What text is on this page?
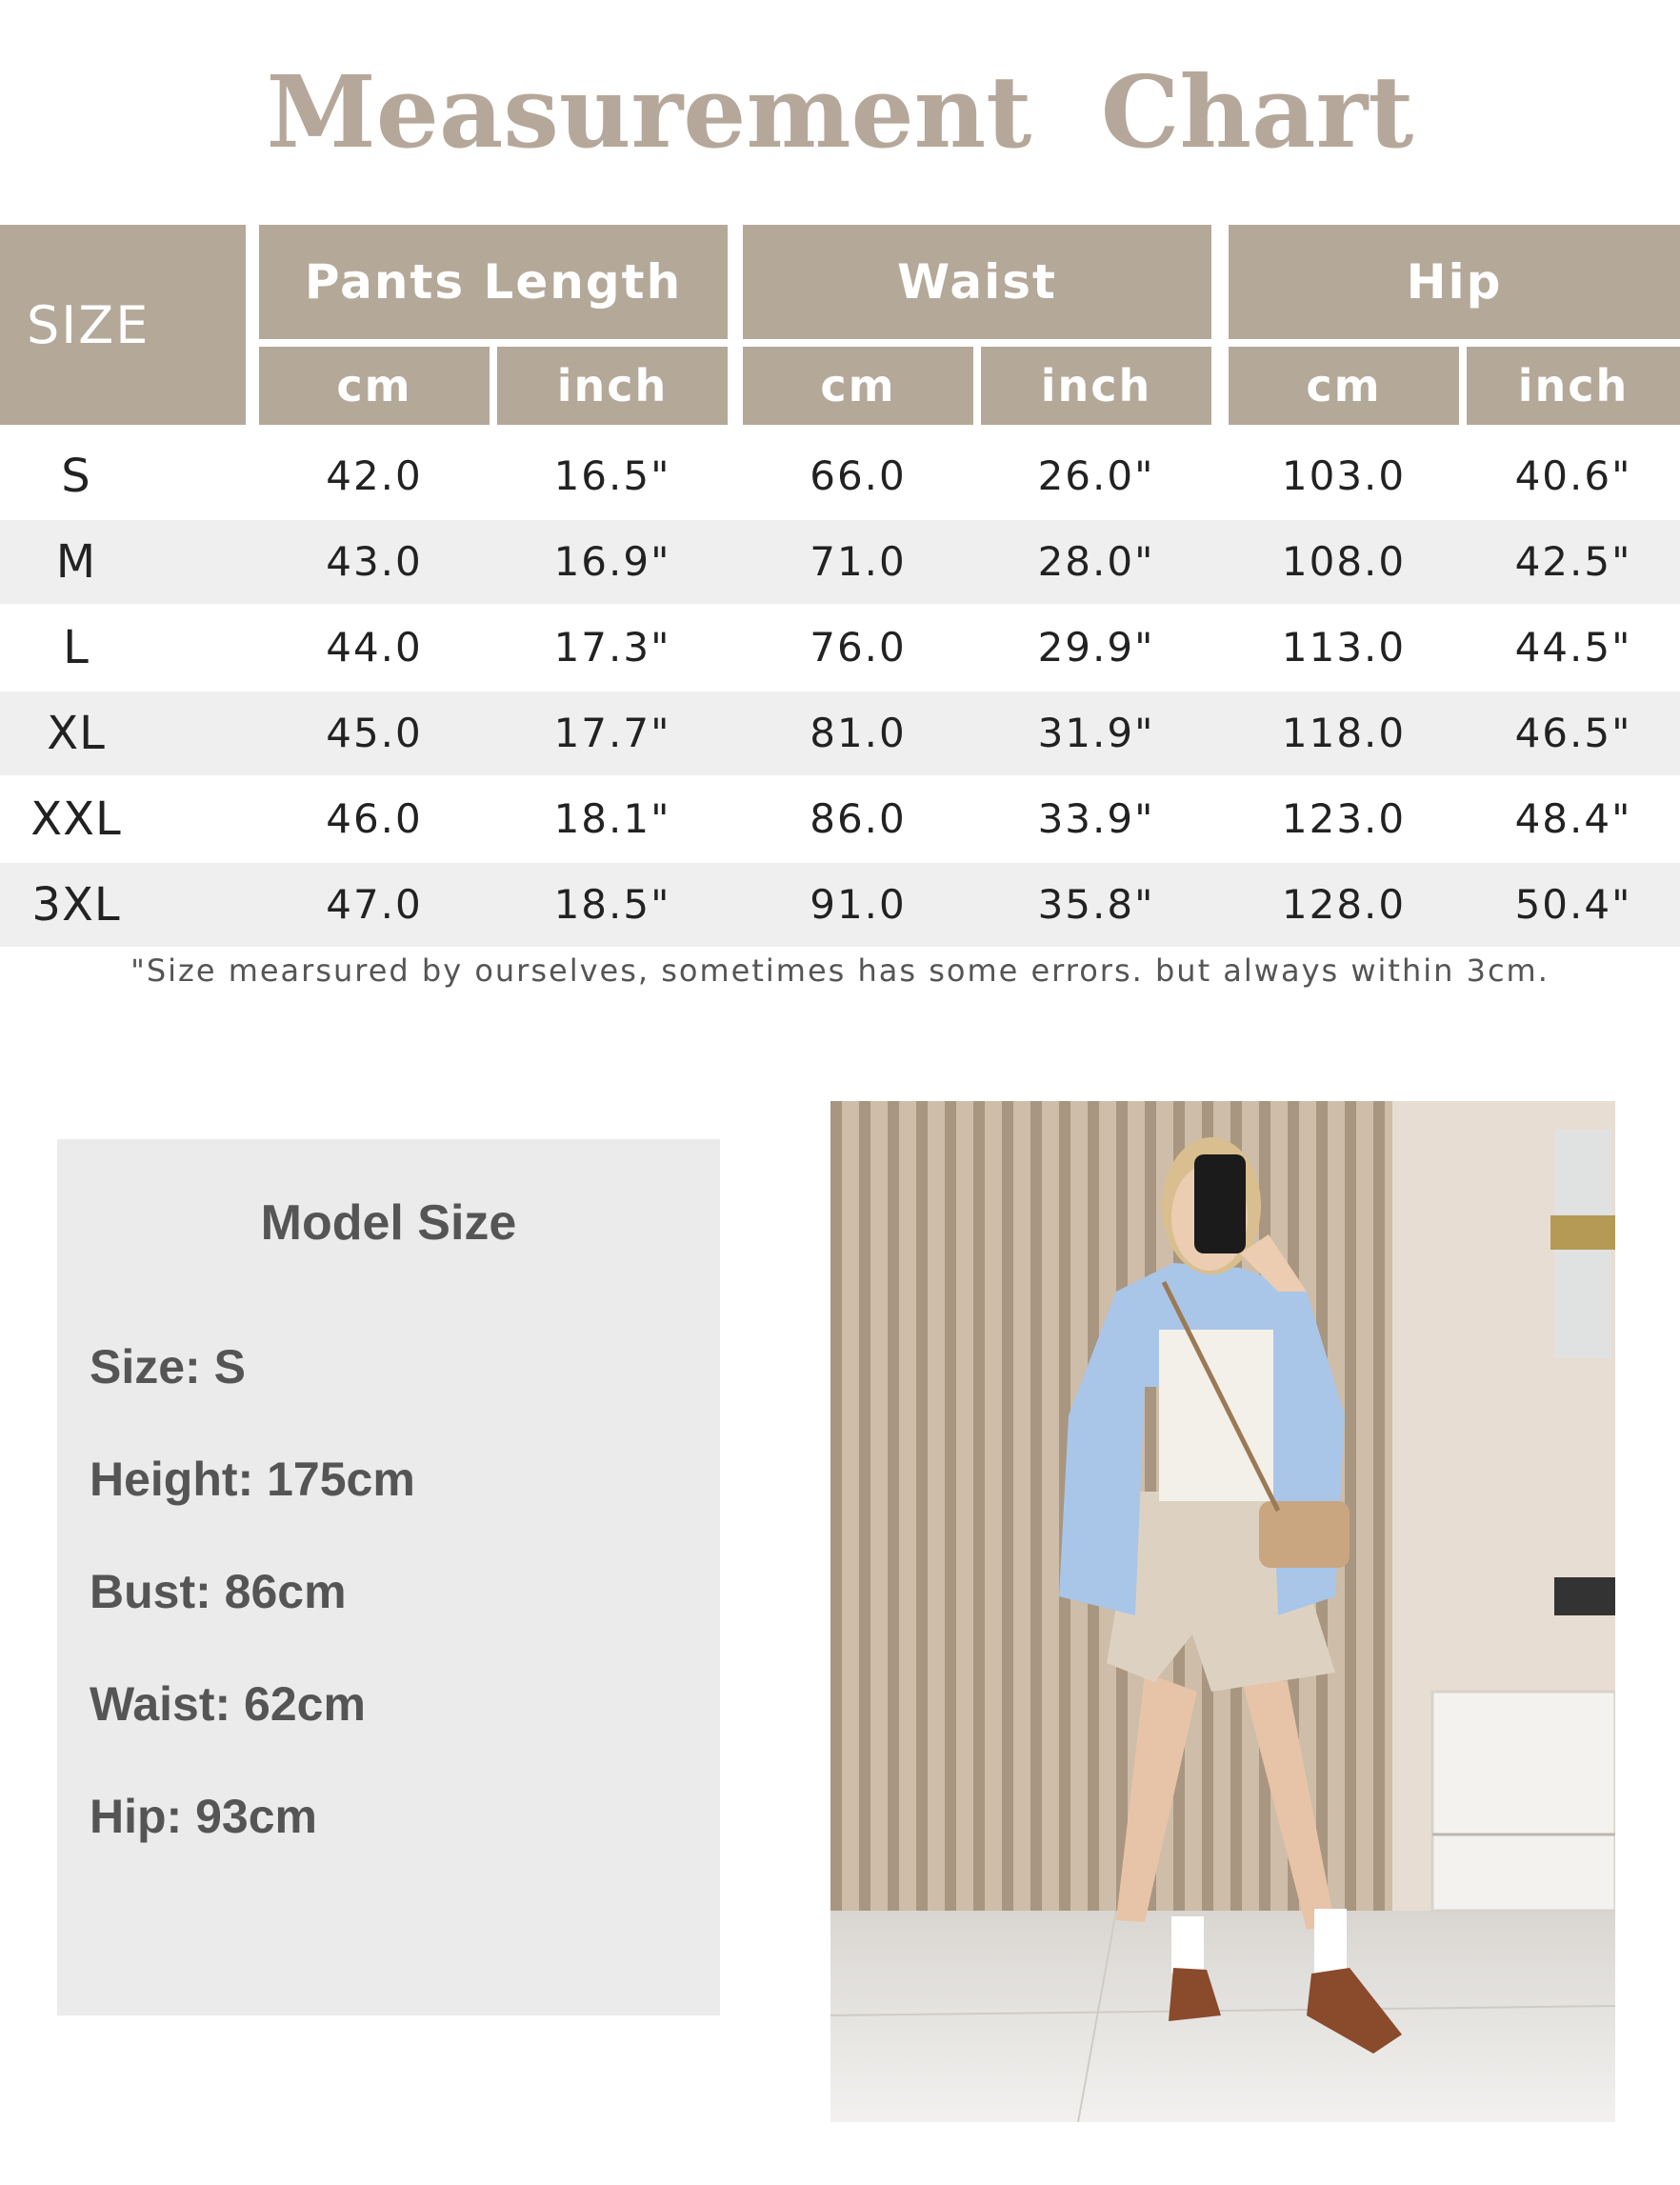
Measurement  Chart
SIZE
Pants Length	Waist	Hip
cm	inch	cm	inch	cm	inch
S	42.0	16.5"	66.0	26.0"	103.0	40.6"
M	43.0	16.9"	71.0	28.0"	108.0	42.5"
L	44.0	17.3"	76.0	29.9"	113.0	44.5"
XL	45.0	17.7"	81.0	31.9"	118.0	46.5"
XXL	46.0	18.1"	86.0	33.9"	123.0	48.4"
3XL	47.0	18.5"	91.0	35.8"	128.0	50.4"
"Size mearsured by ourselves, sometimes has some errors. but always within 3cm.
Model Size
Size: S
Height: 175cm
Bust: 86cm
Waist: 62cm
Hip: 93cm
